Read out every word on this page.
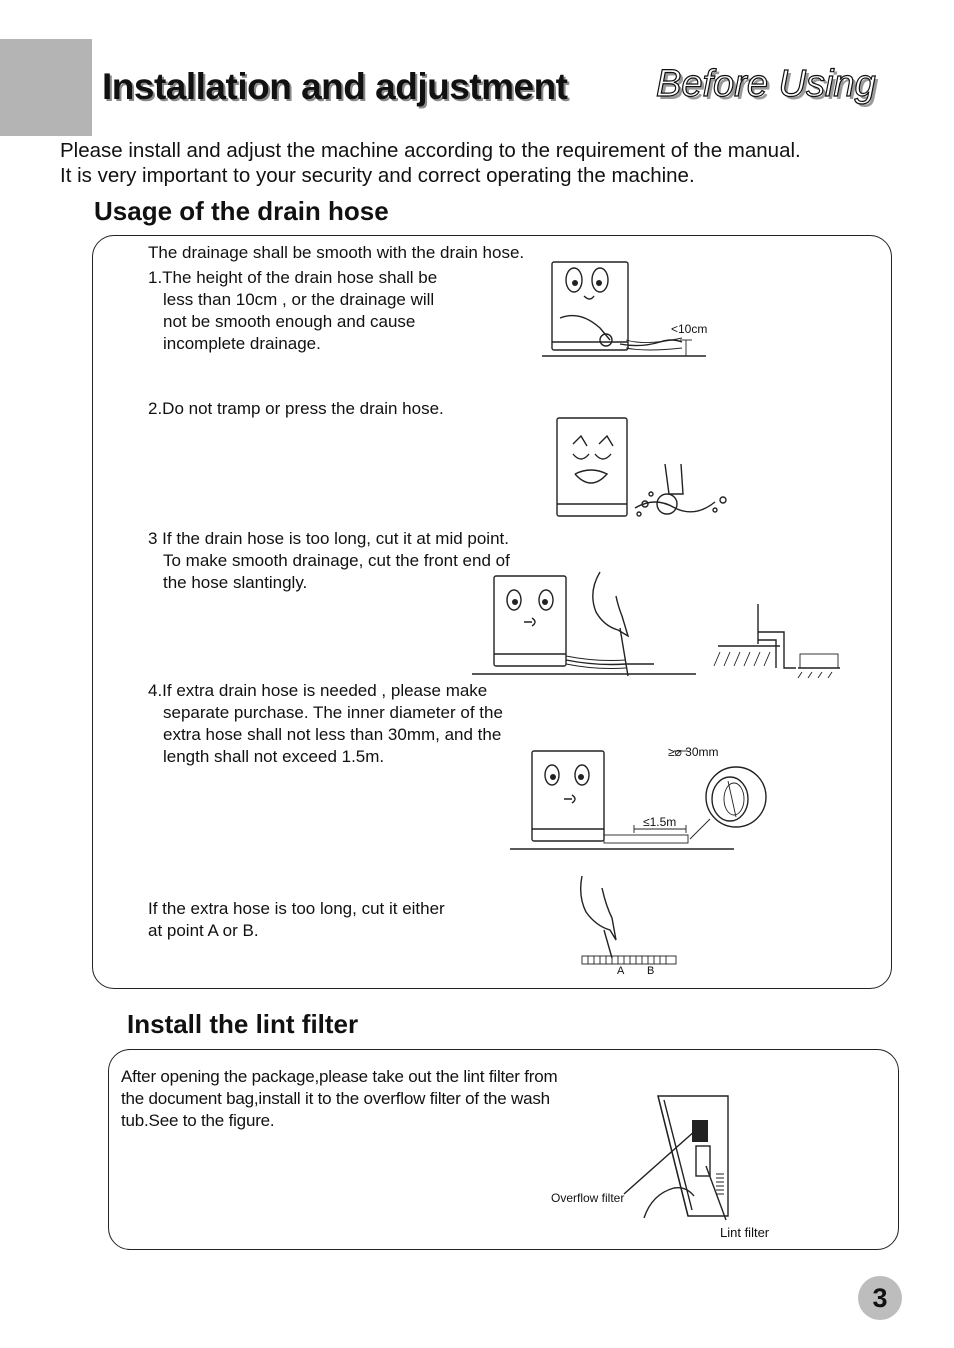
Installation and adjustment Before Using
Please install and adjust the machine according to the requirement of the manual.
It is very important to your security and correct operating the machine.
Usage of the drain hose
The drainage shall be smooth with the drain hose.
1.The height of the drain hose shall be
less than 10cm , or the drainage will
not be smooth enough and cause
incomplete drainage.
2.Do not tramp or press the drain hose.
3 If the drain hose is too long, cut it at mid point.
To make smooth drainage, cut the front end of
the hose slantingly.
4.If extra drain hose is needed , please make
separate purchase. The inner diameter of the
extra hose shall not less than 30mm, and the
length shall not exceed 1.5m.
If the extra hose is too long, cut it either
at point A or B.
<10cm
≥⌀ 30mm
≤1.5m
A B
Install the lint filter
After opening the package,please take out the lint filter from
the document bag,install it to the overflow filter of the wash
tub.See to the figure.
Overflow filter
Lint filter
3
